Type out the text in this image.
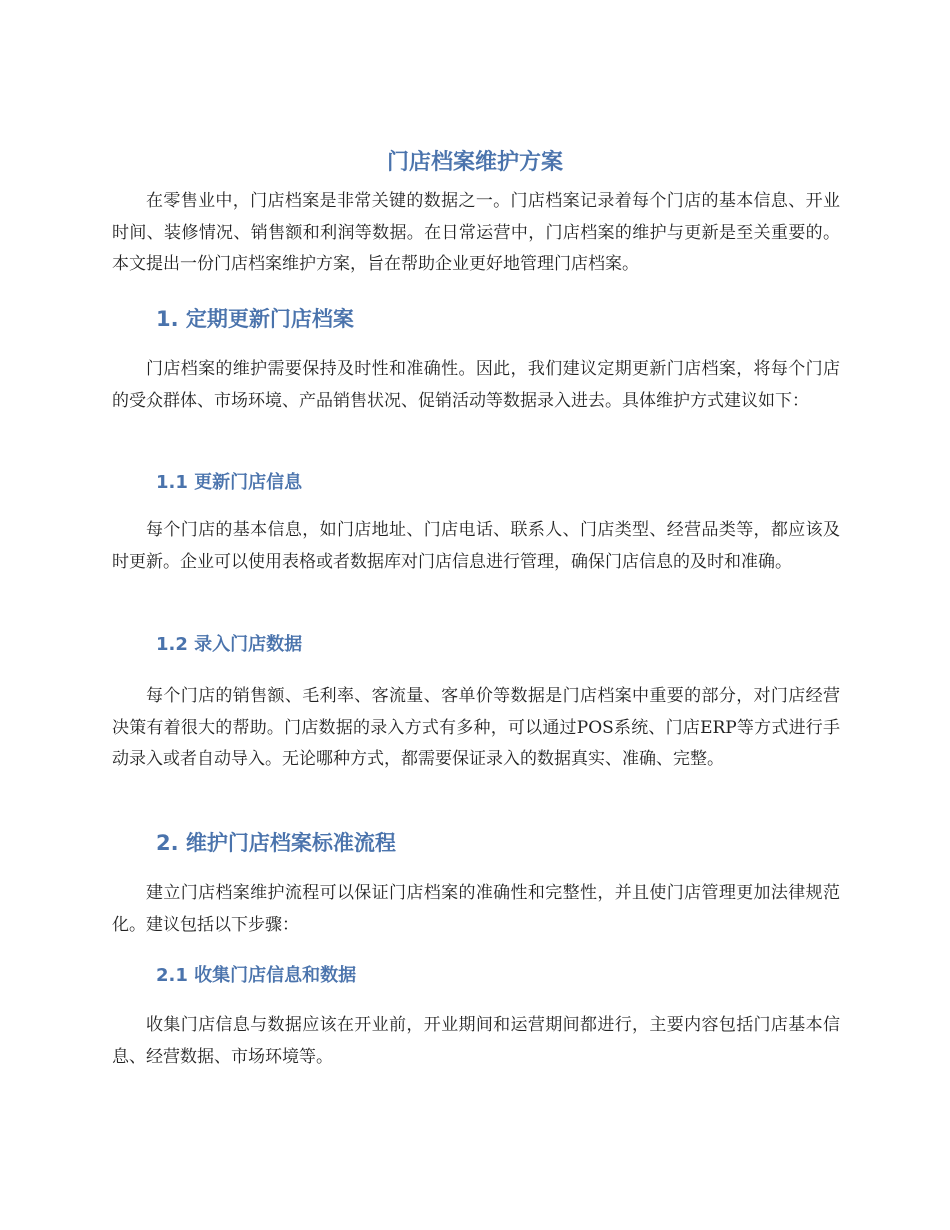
门店档案维护方案

在零售业中，门店档案是非常关键的数据之一。门店档案记录着每个门店的基本信息、开业时间、装修情况、销售额和利润等数据。在日常运营中，门店档案的维护与更新是至关重要的。本文提出一份门店档案维护方案，旨在帮助企业更好地管理门店档案。

1. 定期更新门店档案

门店档案的维护需要保持及时性和准确性。因此，我们建议定期更新门店档案，将每个门店的受众群体、市场环境、产品销售状况、促销活动等数据录入进去。具体维护方式建议如下：

1.1 更新门店信息

每个门店的基本信息，如门店地址、门店电话、联系人、门店类型、经营品类等，都应该及时更新。企业可以使用表格或者数据库对门店信息进行管理，确保门店信息的及时和准确。

1.2 录入门店数据

每个门店的销售额、毛利率、客流量、客单价等数据是门店档案中重要的部分，对门店经营决策有着很大的帮助。门店数据的录入方式有多种，可以通过POS系统、门店ERP等方式进行手动录入或者自动导入。无论哪种方式，都需要保证录入的数据真实、准确、完整。

2. 维护门店档案标准流程

建立门店档案维护流程可以保证门店档案的准确性和完整性，并且使门店管理更加法律规范化。建议包括以下步骤：

2.1 收集门店信息和数据

收集门店信息与数据应该在开业前，开业期间和运营期间都进行，主要内容包括门店基本信息、经营数据、市场环境等。
